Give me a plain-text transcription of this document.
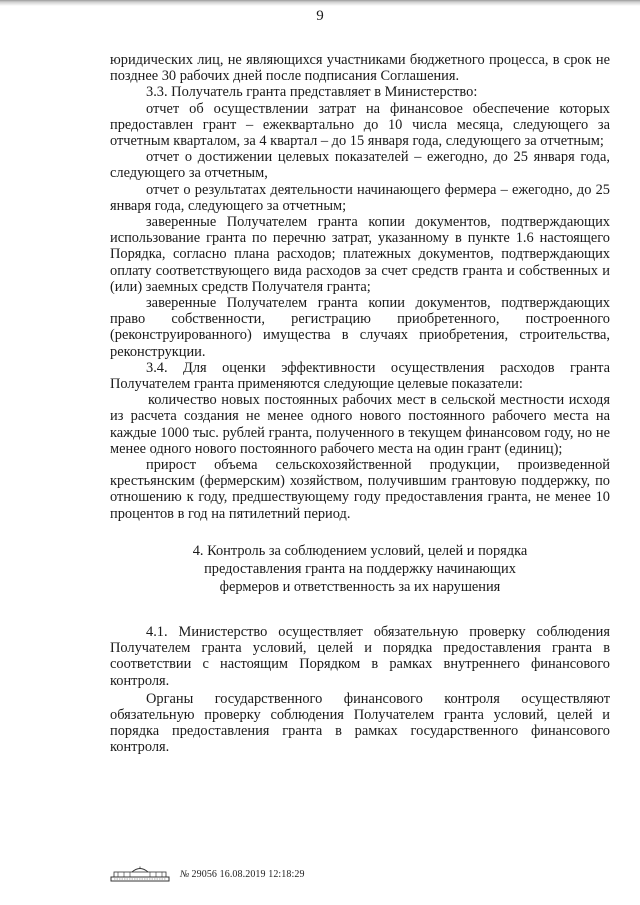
9

юридических лиц, не являющихся участниками бюджетного процесса, в срок не позднее 30 рабочих дней после подписания Соглашения.

3.3. Получатель гранта представляет в Министерство:

отчет об осуществлении затрат на финансовое обеспечение которых предоставлен грант – ежеквартально до 10 числа месяца, следующего за отчетным кварталом, за 4 квартал – до 15 января года, следующего за отчетным;

отчет о достижении целевых показателей – ежегодно, до 25 января года, следующего за отчетным,

отчет о результатах деятельности начинающего фермера – ежегодно, до 25 января года, следующего за отчетным;

заверенные Получателем гранта копии документов, подтверждающих использование гранта по перечню затрат, указанному в пункте 1.6 настоящего Порядка, согласно плана расходов; платежных документов, подтверждающих оплату соответствующего вида расходов за счет средств гранта и собственных и (или) заемных средств Получателя гранта;

заверенные Получателем гранта копии документов, подтверждающих право собственности, регистрацию приобретенного, построенного (реконструированного) имущества в случаях приобретения, строительства, реконструкции.

3.4. Для оценки эффективности осуществления расходов гранта Получателем гранта применяются следующие целевые показатели:

количество новых постоянных рабочих мест в сельской местности исходя из расчета создания не менее одного нового постоянного рабочего места на каждые 1000 тыс. рублей гранта, полученного в текущем финансовом году, но не менее одного нового постоянного рабочего места на один грант (единиц);

прирост объема сельскохозяйственной продукции, произведенной крестьянским (фермерским) хозяйством, получившим грантовую поддержку, по отношению к году, предшествующему году предоставления гранта, не менее 10 процентов в год на пятилетний период.

4. Контроль за соблюдением условий, целей и порядка
предоставления гранта на поддержку начинающих
фермеров и ответственность за их нарушения

4.1. Министерство осуществляет обязательную проверку соблюдения Получателем гранта условий, целей и порядка предоставления гранта в соответствии с настоящим Порядком в рамках внутреннего финансового контроля.

Органы государственного финансового контроля осуществляют обязательную проверку соблюдения Получателем гранта условий, целей и порядка предоставления гранта в рамках государственного финансового контроля.

№ 29056 16.08.2019 12:18:29
